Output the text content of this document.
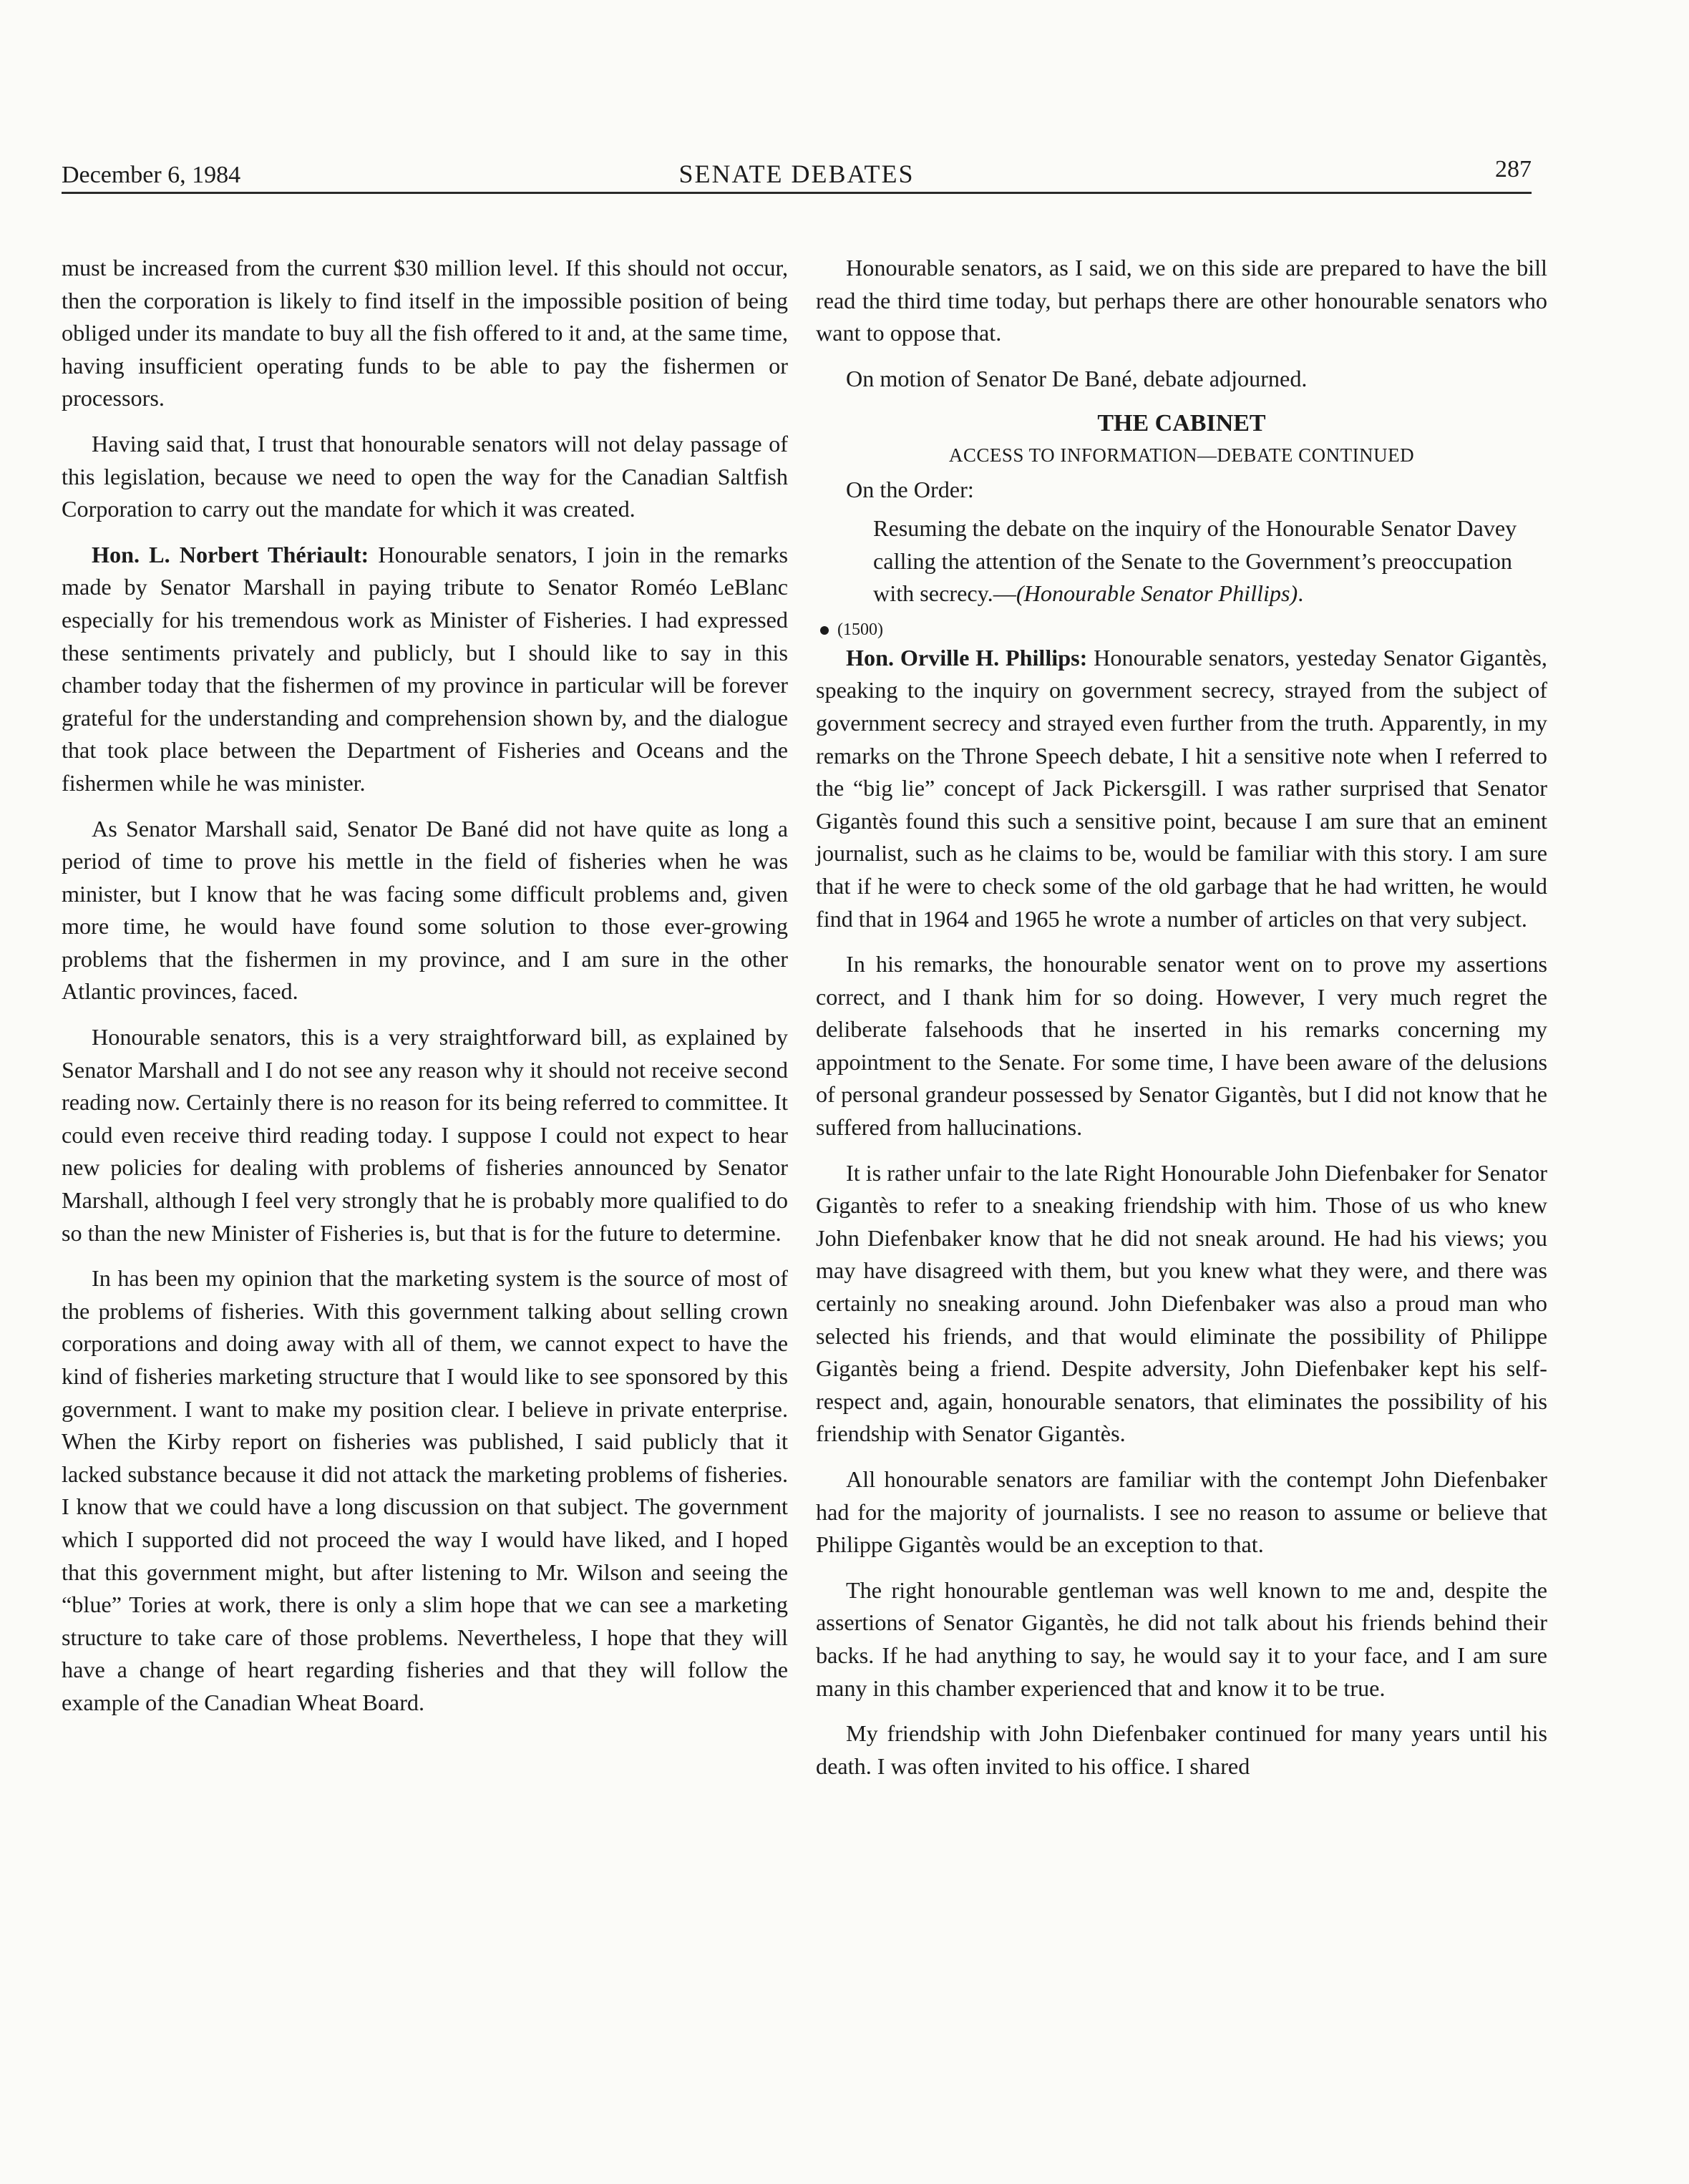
December 6, 1984	SENATE DEBATES	287

must be increased from the current $30 million level. If this should not occur, then the corporation is likely to find itself in the impossible position of being obliged under its mandate to buy all the fish offered to it and, at the same time, having insufficient operating funds to be able to pay the fishermen or processors.

Having said that, I trust that honourable senators will not delay passage of this legislation, because we need to open the way for the Canadian Saltfish Corporation to carry out the mandate for which it was created.

Hon. L. Norbert Thériault: Honourable senators, I join in the remarks made by Senator Marshall in paying tribute to Senator Roméo LeBlanc especially for his tremendous work as Minister of Fisheries. I had expressed these sentiments privately and publicly, but I should like to say in this chamber today that the fishermen of my province in particular will be forever grateful for the understanding and comprehension shown by, and the dialogue that took place between the Department of Fisheries and Oceans and the fishermen while he was minister.

As Senator Marshall said, Senator De Bané did not have quite as long a period of time to prove his mettle in the field of fisheries when he was minister, but I know that he was facing some difficult problems and, given more time, he would have found some solution to those ever-growing problems that the fishermen in my province, and I am sure in the other Atlantic provinces, faced.

Honourable senators, this is a very straightforward bill, as explained by Senator Marshall and I do not see any reason why it should not receive second reading now. Certainly there is no reason for its being referred to committee. It could even receive third reading today. I suppose I could not expect to hear new policies for dealing with problems of fisheries announced by Senator Marshall, although I feel very strongly that he is probably more qualified to do so than the new Minister of Fisheries is, but that is for the future to determine.

In has been my opinion that the marketing system is the source of most of the problems of fisheries. With this government talking about selling crown corporations and doing away with all of them, we cannot expect to have the kind of fisheries marketing structure that I would like to see sponsored by this government. I want to make my position clear. I believe in private enterprise. When the Kirby report on fisheries was published, I said publicly that it lacked substance because it did not attack the marketing problems of fisheries. I know that we could have a long discussion on that subject. The government which I supported did not proceed the way I would have liked, and I hoped that this government might, but after listening to Mr. Wilson and seeing the “blue” Tories at work, there is only a slim hope that we can see a marketing structure to take care of those problems. Nevertheless, I hope that they will have a change of heart regarding fisheries and that they will follow the example of the Canadian Wheat Board.

Honourable senators, as I said, we on this side are prepared to have the bill read the third time today, but perhaps there are other honourable senators who want to oppose that.

On motion of Senator De Bané, debate adjourned.

THE CABINET
ACCESS TO INFORMATION—DEBATE CONTINUED
On the Order:
Resuming the debate on the inquiry of the Honourable Senator Davey calling the attention of the Senate to the Government’s preoccupation with secrecy.—(Honourable Senator Phillips).
(1500)

Hon. Orville H. Phillips: Honourable senators, yesteday Senator Gigantès, speaking to the inquiry on government secrecy, strayed from the subject of government secrecy and strayed even further from the truth. Apparently, in my remarks on the Throne Speech debate, I hit a sensitive note when I referred to the “big lie” concept of Jack Pickersgill. I was rather surprised that Senator Gigantès found this such a sensitive point, because I am sure that an eminent journalist, such as he claims to be, would be familiar with this story. I am sure that if he were to check some of the old garbage that he had written, he would find that in 1964 and 1965 he wrote a number of articles on that very subject.

In his remarks, the honourable senator went on to prove my assertions correct, and I thank him for so doing. However, I very much regret the deliberate falsehoods that he inserted in his remarks concerning my appointment to the Senate. For some time, I have been aware of the delusions of personal grandeur possessed by Senator Gigantès, but I did not know that he suffered from hallucinations.

It is rather unfair to the late Right Honourable John Diefenbaker for Senator Gigantès to refer to a sneaking friendship with him. Those of us who knew John Diefenbaker know that he did not sneak around. He had his views; you may have disagreed with them, but you knew what they were, and there was certainly no sneaking around. John Diefenbaker was also a proud man who selected his friends, and that would eliminate the possibility of Philippe Gigantès being a friend. Despite adversity, John Diefenbaker kept his self-respect and, again, honourable senators, that eliminates the possibility of his friendship with Senator Gigantès.

All honourable senators are familiar with the contempt John Diefenbaker had for the majority of journalists. I see no reason to assume or believe that Philippe Gigantès would be an exception to that.

The right honourable gentleman was well known to me and, despite the assertions of Senator Gigantès, he did not talk about his friends behind their backs. If he had anything to say, he would say it to your face, and I am sure many in this chamber experienced that and know it to be true.

My friendship with John Diefenbaker continued for many years until his death. I was often invited to his office. I shared
